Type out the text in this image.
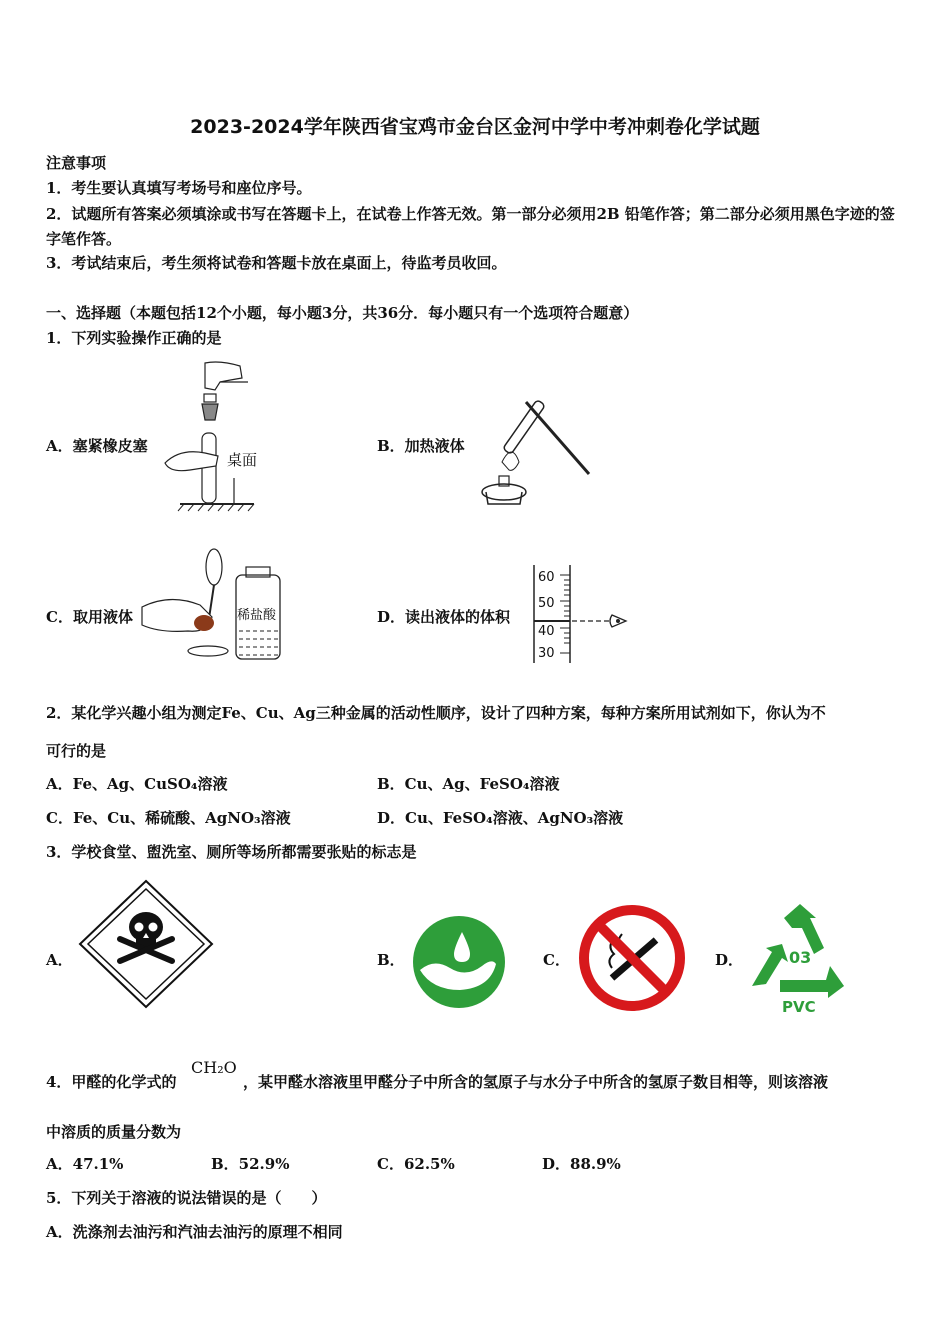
2023-2024学年陕西省宝鸡市金台区金河中学中考冲刺卷化学试题
注意事项
1．考生要认真填写考场号和座位序号。
2．试题所有答案必须填涂或书写在答题卡上，在试卷上作答无效。第一部分必须用2B 铅笔作答；第二部分必须用黑色字迹的签字笔作答。
3．考试结束后，考生须将试卷和答题卡放在桌面上，待监考员收回。
一、选择题（本题包括12个小题，每小题3分，共36分．每小题只有一个选项符合题意）
1．下列实验操作正确的是
A．塞紧橡皮塞
桌面
B．加热液体
C．取用液体	稀盐酸	D．读出液体的体积
60
50
40
30
2．某化学兴趣小组为测定Fe、Cu、Ag三种金属的活动性顺序，设计了四种方案，每种方案所用试剂如下，你认为不
可行的是
A．Fe、Ag、CuSO₄溶液	B．Cu、Ag、FeSO₄溶液
C．Fe、Cu、稀硫酸、AgNO₃溶液	D．Cu、FeSO₄溶液、AgNO₃溶液
3．学校食堂、盥洗室、厕所等场所都需要张贴的标志是
A．	B．	C．	D．	03
PVC
4．甲醛的化学式的
CH₂O
，某甲醛水溶液里甲醛分子中所含的氢原子与水分子中所含的氢原子数目相等，则该溶液
中溶质的质量分数为
A．47.1%	B．52.9%	C．62.5%	D．88.9%
5．下列关于溶液的说法错误的是（　　）
A．洗涤剂去油污和汽油去油污的原理不相同
